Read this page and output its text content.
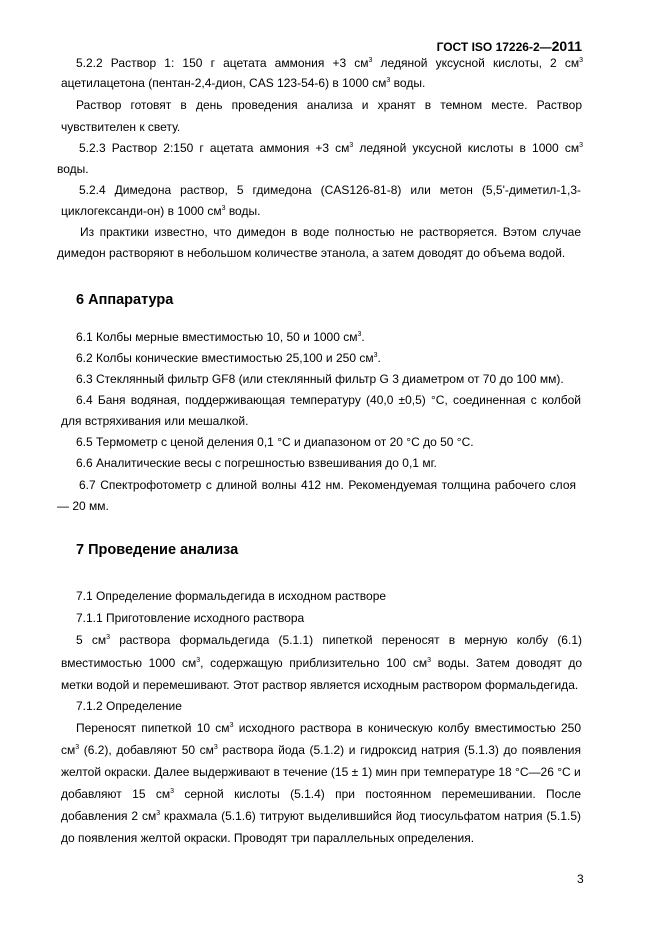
ГОСТ ISO 17226-2—2011
5.2.2 Раствор 1: 150 г ацетата аммония +3 $см^3$ ледяной уксусной кислоты, 2 $см^3$
ацетилацетона (пентан-2,4-дион, CAS 123-54-6) в 1000 $см^3$ воды.
Раствор готовят в день проведения анализа и хранят в темном месте. Раствор
чувствителен к свету.
5.2.3 Раствор 2:150 г ацетата аммония +3 $см^3$ ледяной уксусной кислоты в 1000 $см^3$
воды.
5.2.4 Димедона раствор, 5 гдимедона (CAS126-81-8) или метон (5,5'-диметил-1,3-
циклогександи-он) в 1000 $см^3$ воды.
Из практики известно, что димедон в воде полностью не растворяется. Вэтом случае
димедон растворяют в небольшом количестве этанола, а затем доводят до объема водой.
6 Аппаратура
6.1 Колбы мерные вместимостью 10, 50 и 1000 $см^3$.
6.2 Колбы конические вместимостью 25,100 и 250 $см^3$.
6.3 Стеклянный фильтр GF8 (или стеклянный фильтр G 3 диаметром от 70 до 100 мм).
6.4 Баня водяная, поддерживающая температуру (40,0 ±0,5) °С, соединенная с колбой
для встряхивания или мешалкой.
6.5 Термометр с ценой деления 0,1 °С и диапазоном от 20 °С до 50 °С.
6.6 Аналитические весы с погрешностью взвешивания до 0,1 мг.
6.7 Спектрофотометр с длиной волны 412 нм. Рекомендуемая толщина рабочего слоя
— 20 мм.
7 Проведение анализа
7.1 Определение формальдегида в исходном растворе
7.1.1 Приготовление исходного раствора
5 $см^3$ раствора формальдегида (5.1.1) пипеткой переносят в мерную колбу (6.1)
вместимостью 1000 $см^3$, содержащую приблизительно 100 $см^3$ воды. Затем доводят до
метки водой и перемешивают. Этот раствор является исходным раствором формальдегида.
7.1.2 Определение
Переносят пипеткой 10 $см^3$ исходного раствора в коническую колбу вместимостью 250
$см^3$ (6.2), добавляют 50 $см^3$ раствора йода (5.1.2) и гидроксид натрия (5.1.3) до появления
желтой окраски. Далее выдерживают в течение (15 ± 1) мин при температуре 18 °С—26 °С и
добавляют 15 $см^3$ серной кислоты (5.1.4) при постоянном перемешивании. После
добавления 2 $см^3$ крахмала (5.1.6) титруют выделившийся йод тиосульфатом натрия (5.1.5)
до появления желтой окраски. Проводят три параллельных определения.
3
